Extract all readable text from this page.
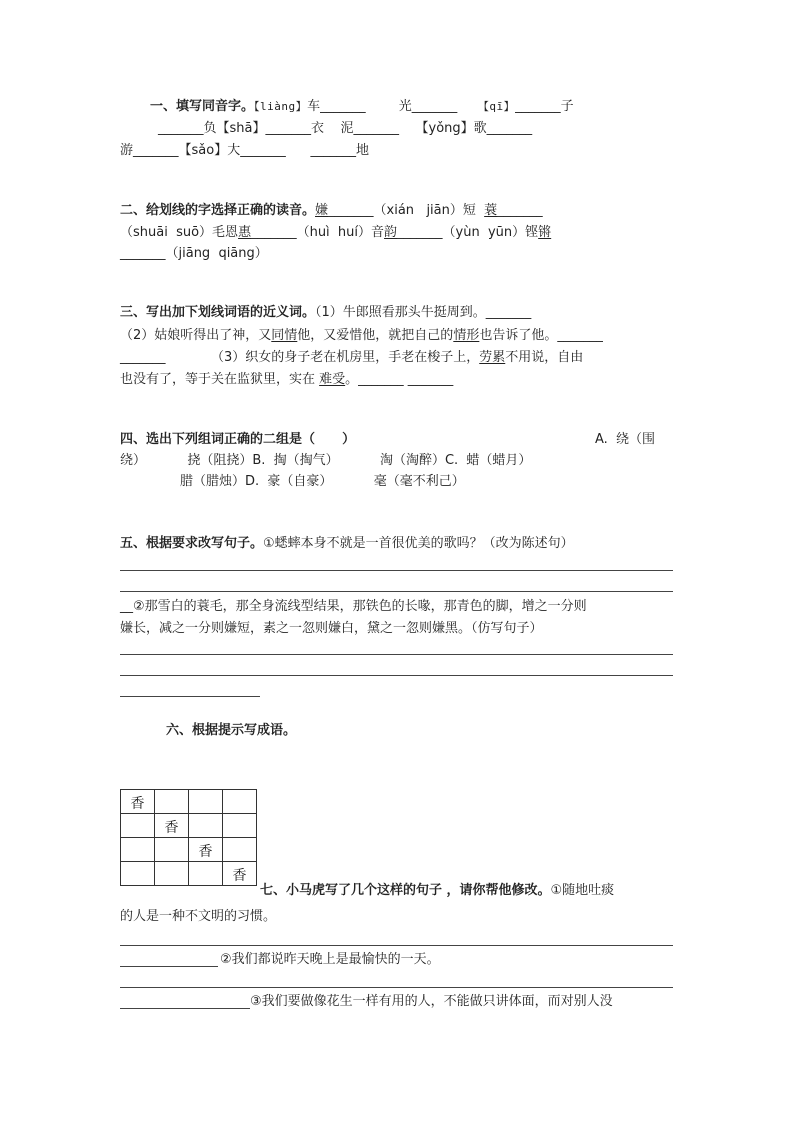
一、填写同音字。【liàng】车_______	光_______ 【qī】_______子
_______负【shā】_______衣    泥_______    【yǒng】歌_______
游_______【sǎo】大_______      _______地
二、给划线的字选择正确的读音。嫌_______（xián   jiān）短  蓑_______
（shuāi  suō）毛恩惠_______（huì  huí）音韵_______（yùn  yūn）铿锵
_______（jiāng  qiāng）
三、写出加下划线词语的近义词。（1）牛郎照看那头牛挺周到。_______
（2）姑娘听得出了神，又同情他，又爱惜他，就把自己的情形也告诉了他。_______
_______           （3）织女的身子老在机房里，手老在梭子上，劳累不用说，自由
也没有了，等于关在监狱里，实在 难受。_______ _______
四、选出下列组词正确的二组是（      ）	A.  绕（围
绕）          挠（阻挠）B.  掏（掏气）          淘（淘醉）C.  蜡（蜡月）
腊（腊烛）D.  豪（自豪）          毫（毫不利己）
五、根据要求改写句子。①蟋蟀本身不就是一首很优美的歌吗？（改为陈述句）
__②那雪白的蓑毛，那全身流线型结果，那铁色的长喙，那青色的脚，增之一分则
嫌长，减之一分则嫌短，素之一忽则嫌白，黛之一忽则嫌黑。（仿写句子）
六、根据提示写成语。
香			
	香		
		香	
			香
七、小马虎写了几个这样的句子 ，请你帮他修改。①随地吐痰
的人是一种不文明的习惯。
②我们都说昨天晚上是最愉快的一天。
③我们要做像花生一样有用的人，不能做只讲体面，而对别人没
